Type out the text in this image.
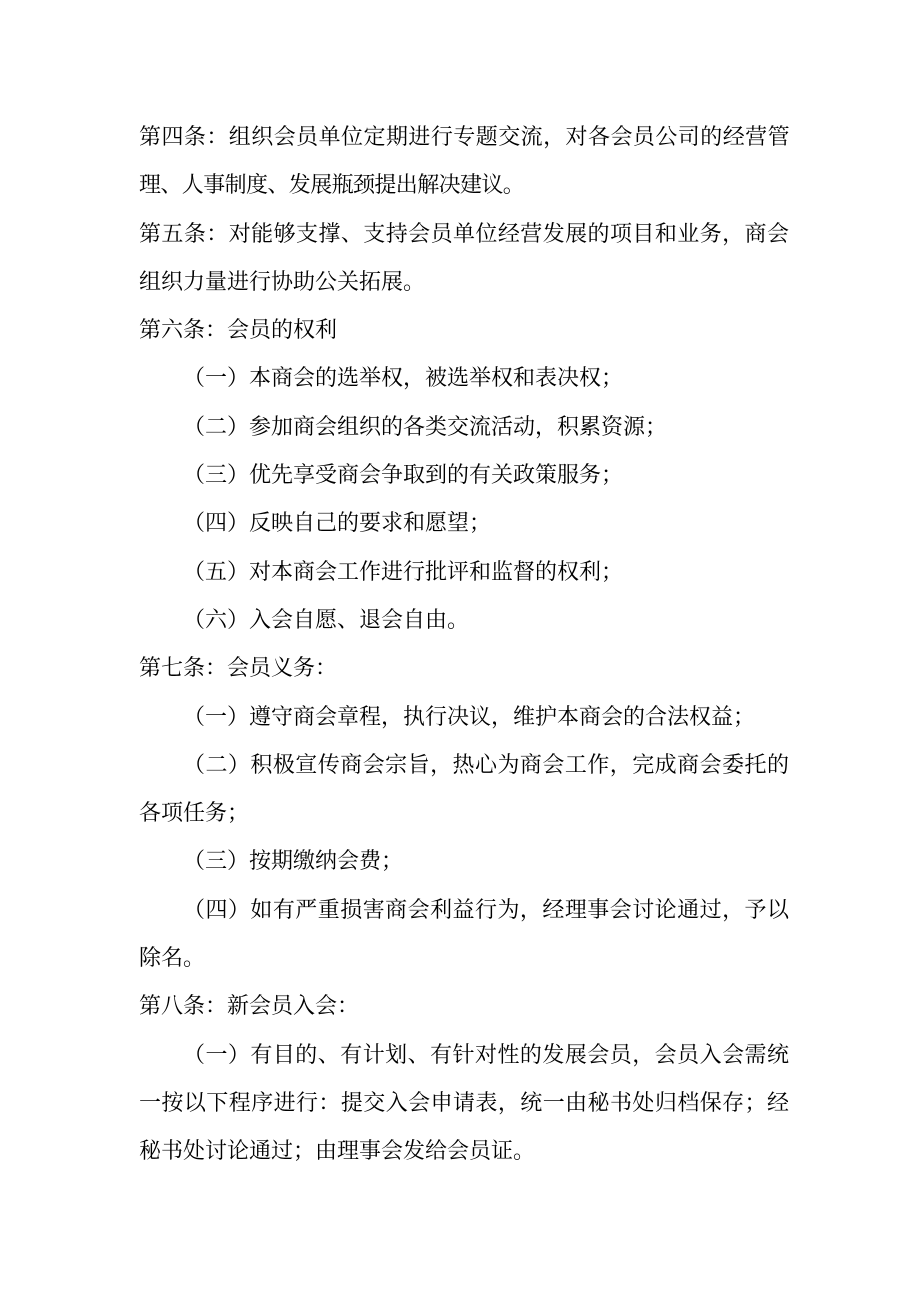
第四条：组织会员单位定期进行专题交流，对各会员公司的经营管理、人事制度、发展瓶颈提出解决建议。

第五条：对能够支撑、支持会员单位经营发展的项目和业务，商会组织力量进行协助公关拓展。

第六条：会员的权利

（一）本商会的选举权，被选举权和表决权；

（二）参加商会组织的各类交流活动，积累资源；

（三）优先享受商会争取到的有关政策服务；

（四）反映自己的要求和愿望；

（五）对本商会工作进行批评和监督的权利；

（六）入会自愿、退会自由。

第七条：会员义务：

（一）遵守商会章程，执行决议，维护本商会的合法权益；

（二）积极宣传商会宗旨，热心为商会工作，完成商会委托的各项任务；

（三）按期缴纳会费；

（四）如有严重损害商会利益行为，经理事会讨论通过，予以除名。

第八条：新会员入会：

（一）有目的、有计划、有针对性的发展会员，会员入会需统一按以下程序进行：提交入会申请表，统一由秘书处归档保存；经秘书处讨论通过；由理事会发给会员证。
